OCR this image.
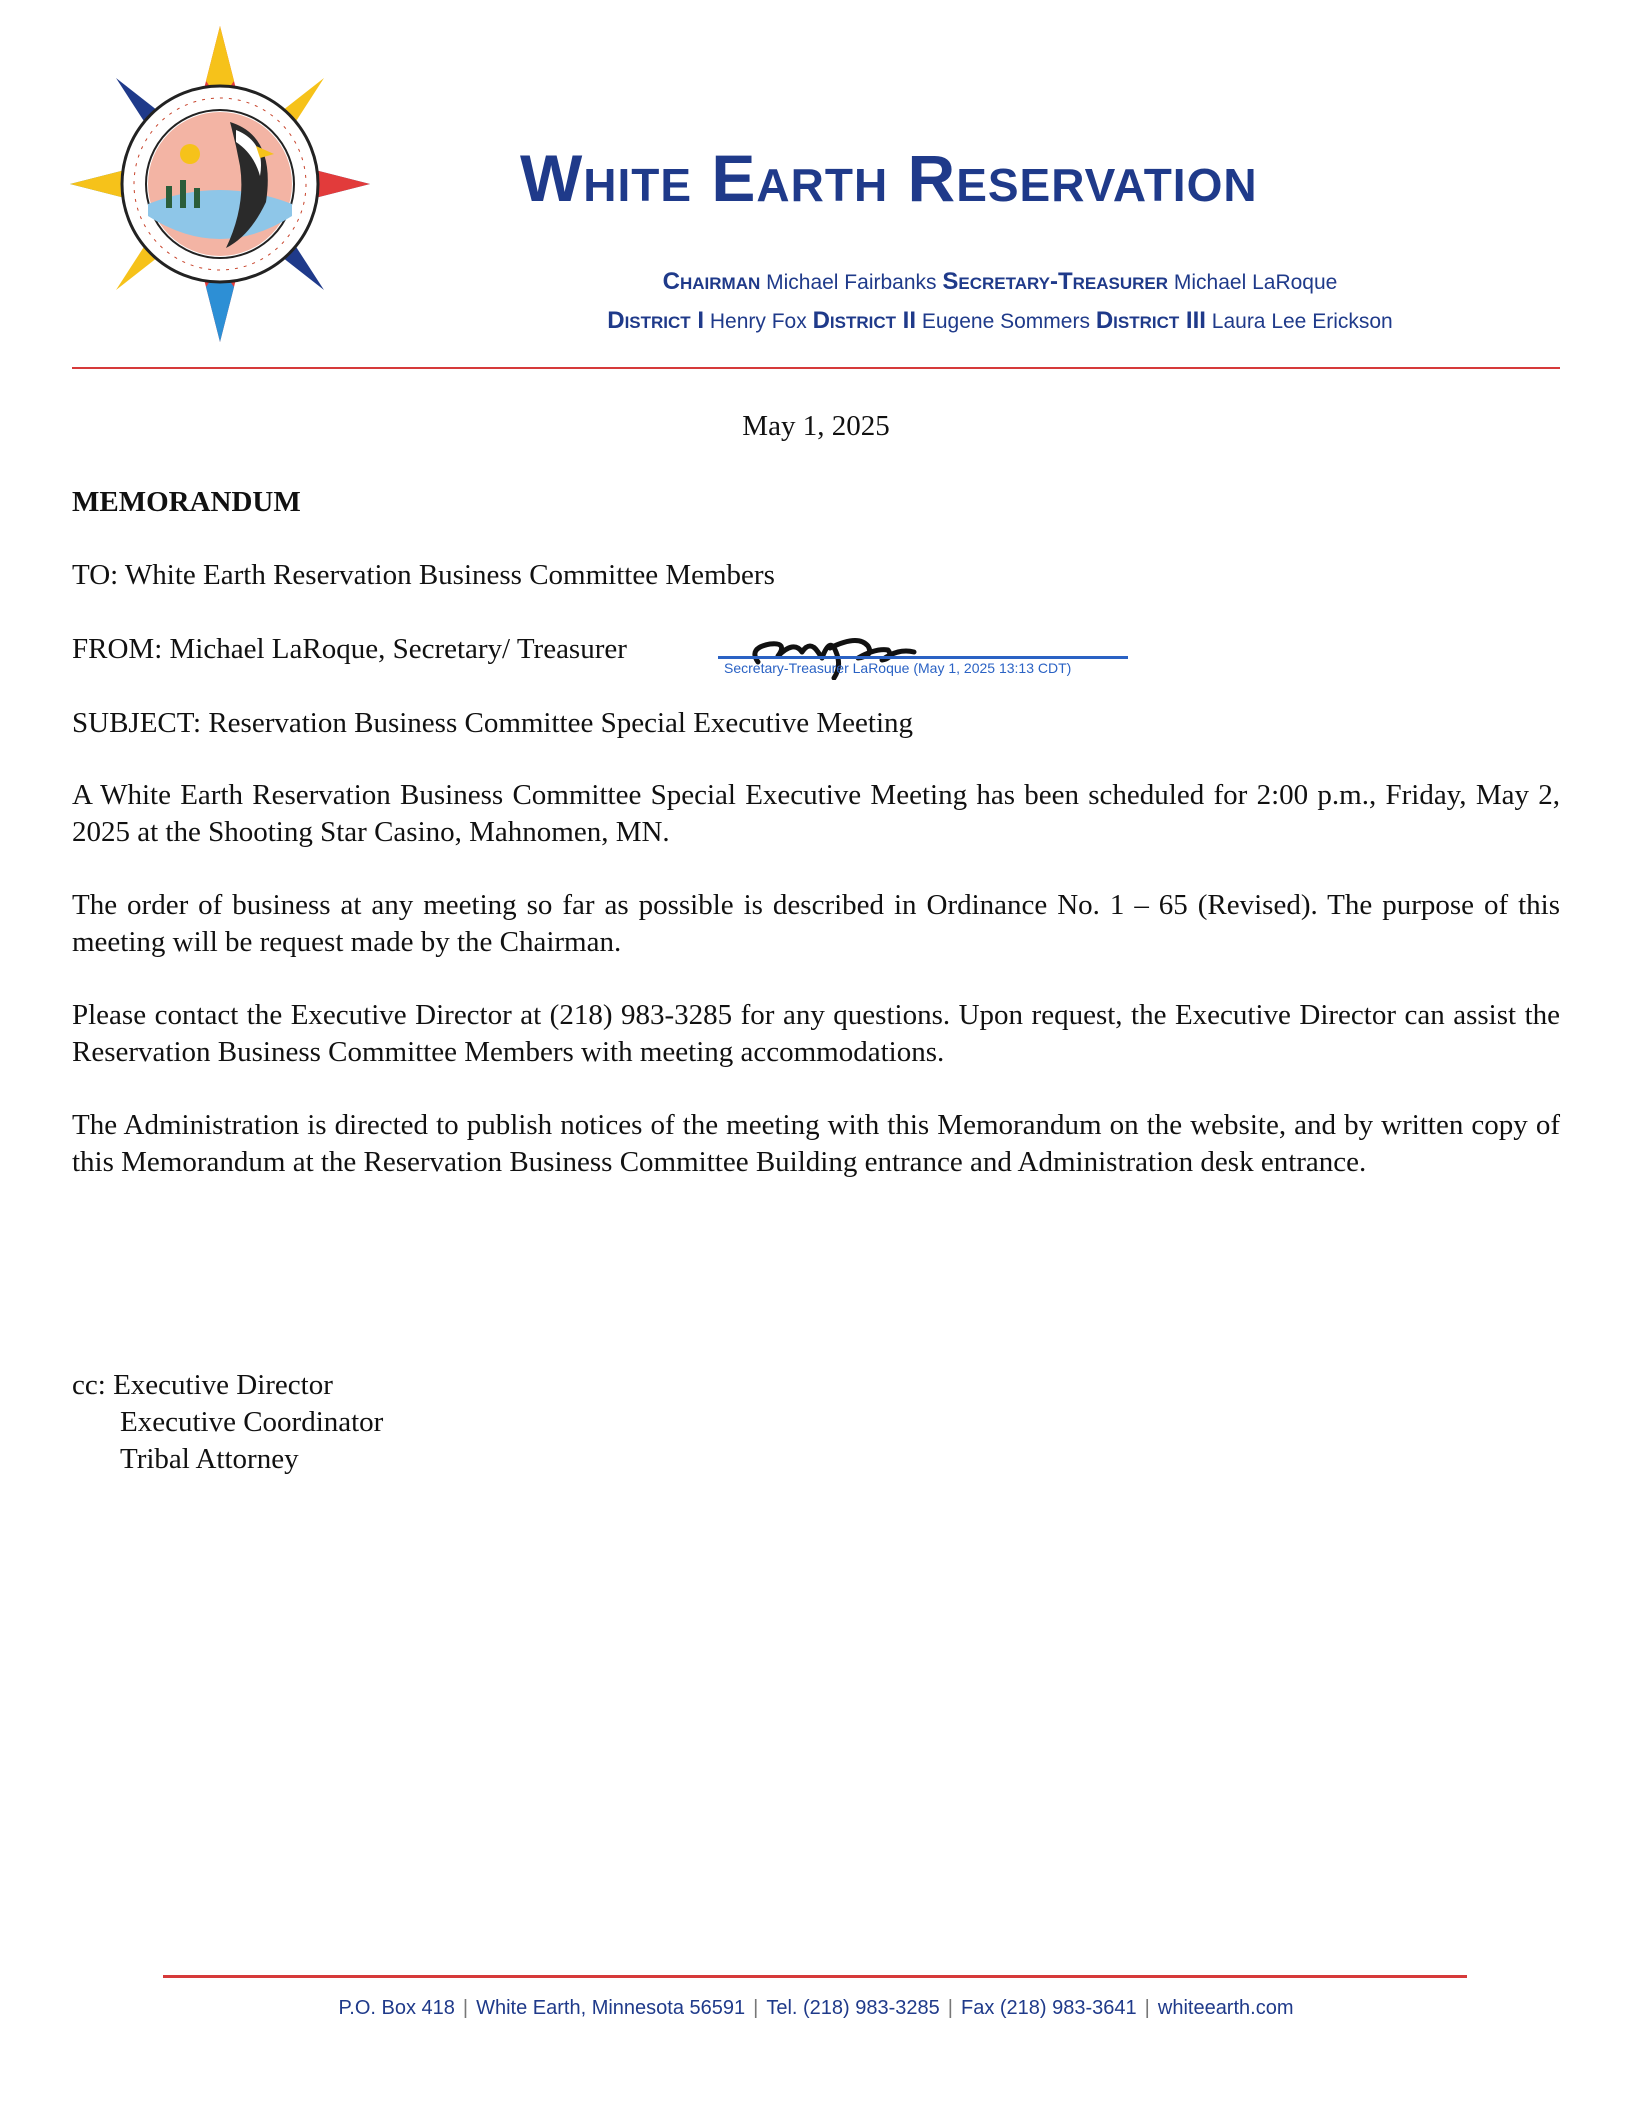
White Earth Reservation
Chairman Michael Fairbanks Secretary-Treasurer Michael LaRoque
District I Henry Fox District II Eugene Sommers District III Laura Lee Erickson
May 1, 2025
MEMORANDUM
TO: White Earth Reservation Business Committee Members
FROM: Michael LaRoque, Secretary/ Treasurer
Secretary-Treasurer LaRoque (May 1, 2025 13:13 CDT)
SUBJECT: Reservation Business Committee Special Executive Meeting
A White Earth Reservation Business Committee Special Executive Meeting has been scheduled for 2:00 p.m., Friday, May 2, 2025 at the Shooting Star Casino, Mahnomen, MN.
The order of business at any meeting so far as possible is described in Ordinance No. 1 – 65 (Revised). The purpose of this meeting will be request made by the Chairman.
Please contact the Executive Director at (218) 983-3285 for any questions. Upon request, the Executive Director can assist the Reservation Business Committee Members with meeting accommodations.
The Administration is directed to publish notices of the meeting with this Memorandum on the website, and by written copy of this Memorandum at the Reservation Business Committee Building entrance and Administration desk entrance.
cc: Executive Director
Executive Coordinator
Tribal Attorney
P.O. Box 418 | White Earth, Minnesota 56591 | Tel. (218) 983-3285 | Fax (218) 983-3641 | whiteearth.com
